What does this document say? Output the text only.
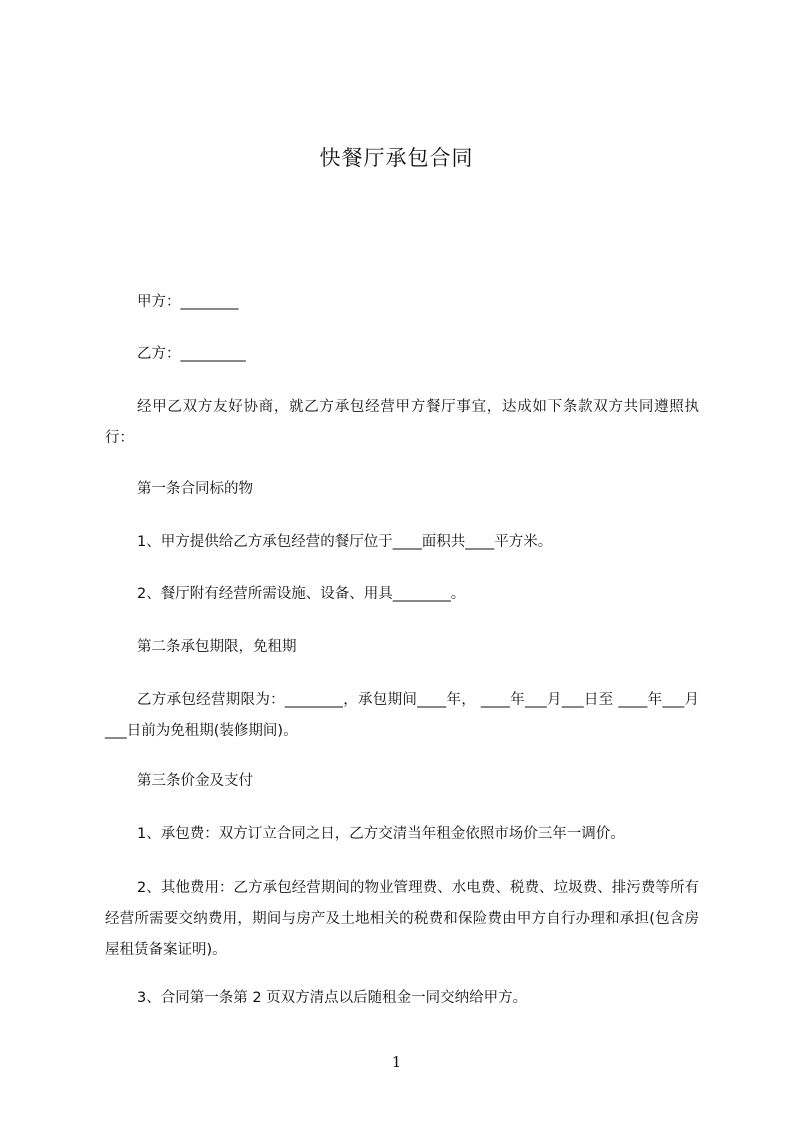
快餐厅承包合同
甲方：________
乙方：_________
经甲乙双方友好协商，就乙方承包经营甲方餐厅事宜，达成如下条款双方共同遵照执行：
第一条合同标的物
1、甲方提供给乙方承包经营的餐厅位于____面积共____平方米。
2、餐厅附有经营所需设施、设备、用具________。
第二条承包期限，免租期
乙方承包经营期限为：________，承包期间____年， ____年___月___日至 ____年___月___日前为免租期(装修期间)。
第三条价金及支付
1、承包费：双方订立合同之日，乙方交清当年租金依照市场价三年一调价。
2、其他费用：乙方承包经营期间的物业管理费、水电费、税费、垃圾费、排污费等所有经营所需要交纳费用，期间与房产及土地相关的税费和保险费由甲方自行办理和承担(包含房屋租赁备案证明)。
3、合同第一条第 2 页双方清点以后随租金一同交纳给甲方。
1
